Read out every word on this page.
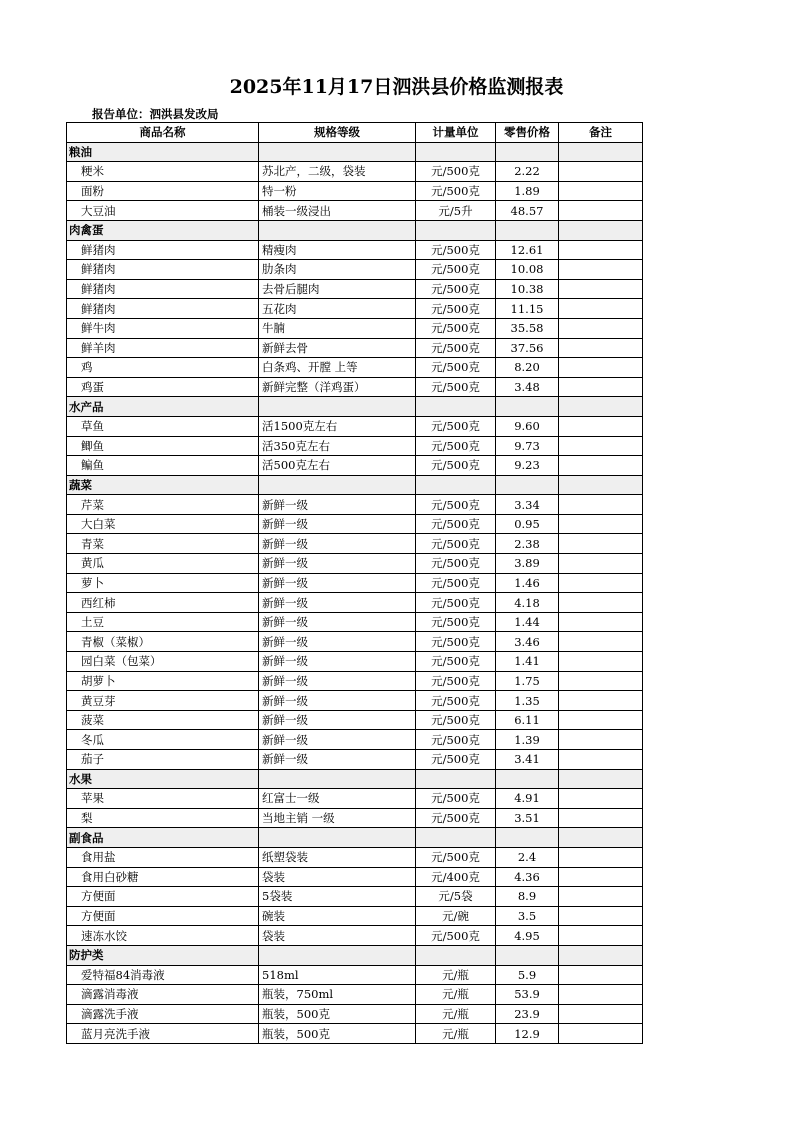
2025年11月17日泗洪县价格监测报表
报告单位：泗洪县发改局
商品名称	规格等级	计量单位	零售价格	备注
粮油				
粳米	苏北产，二级，袋装	元/500克	2.22	
面粉	特一粉	元/500克	1.89	
大豆油	桶装一级浸出	元/5升	48.57	
肉禽蛋				
鲜猪肉	精瘦肉	元/500克	12.61	
鲜猪肉	肋条肉	元/500克	10.08	
鲜猪肉	去骨后腿肉	元/500克	10.38	
鲜猪肉	五花肉	元/500克	11.15	
鲜牛肉	牛腩	元/500克	35.58	
鲜羊肉	新鲜去骨	元/500克	37.56	
鸡	白条鸡、开膛 上等	元/500克	8.20	
鸡蛋	新鲜完整（洋鸡蛋）	元/500克	3.48	
水产品				
草鱼	活1500克左右	元/500克	9.60	
鲫鱼	活350克左右	元/500克	9.73	
鳊鱼	活500克左右	元/500克	9.23	
蔬菜				
芹菜	新鲜一级	元/500克	3.34	
大白菜	新鲜一级	元/500克	0.95	
青菜	新鲜一级	元/500克	2.38	
黄瓜	新鲜一级	元/500克	3.89	
萝卜	新鲜一级	元/500克	1.46	
西红柿	新鲜一级	元/500克	4.18	
土豆	新鲜一级	元/500克	1.44	
青椒（菜椒）	新鲜一级	元/500克	3.46	
园白菜（包菜）	新鲜一级	元/500克	1.41	
胡萝卜	新鲜一级	元/500克	1.75	
黄豆芽	新鲜一级	元/500克	1.35	
菠菜	新鲜一级	元/500克	6.11	
冬瓜	新鲜一级	元/500克	1.39	
茄子	新鲜一级	元/500克	3.41	
水果				
苹果	红富士一级	元/500克	4.91	
梨	当地主销 一级	元/500克	3.51	
副食品				
食用盐	纸塑袋装	元/500克	2.4	
食用白砂糖	袋装	元/400克	4.36	
方便面	5袋装	元/5袋	8.9	
方便面	碗装	元/碗	3.5	
速冻水饺	袋装	元/500克	4.95	
防护类				
爱特福84消毒液	518ml	元/瓶	5.9	
滴露消毒液	瓶装，750ml	元/瓶	53.9	
滴露洗手液	瓶装，500克	元/瓶	23.9	
蓝月亮洗手液	瓶装，500克	元/瓶	12.9	
